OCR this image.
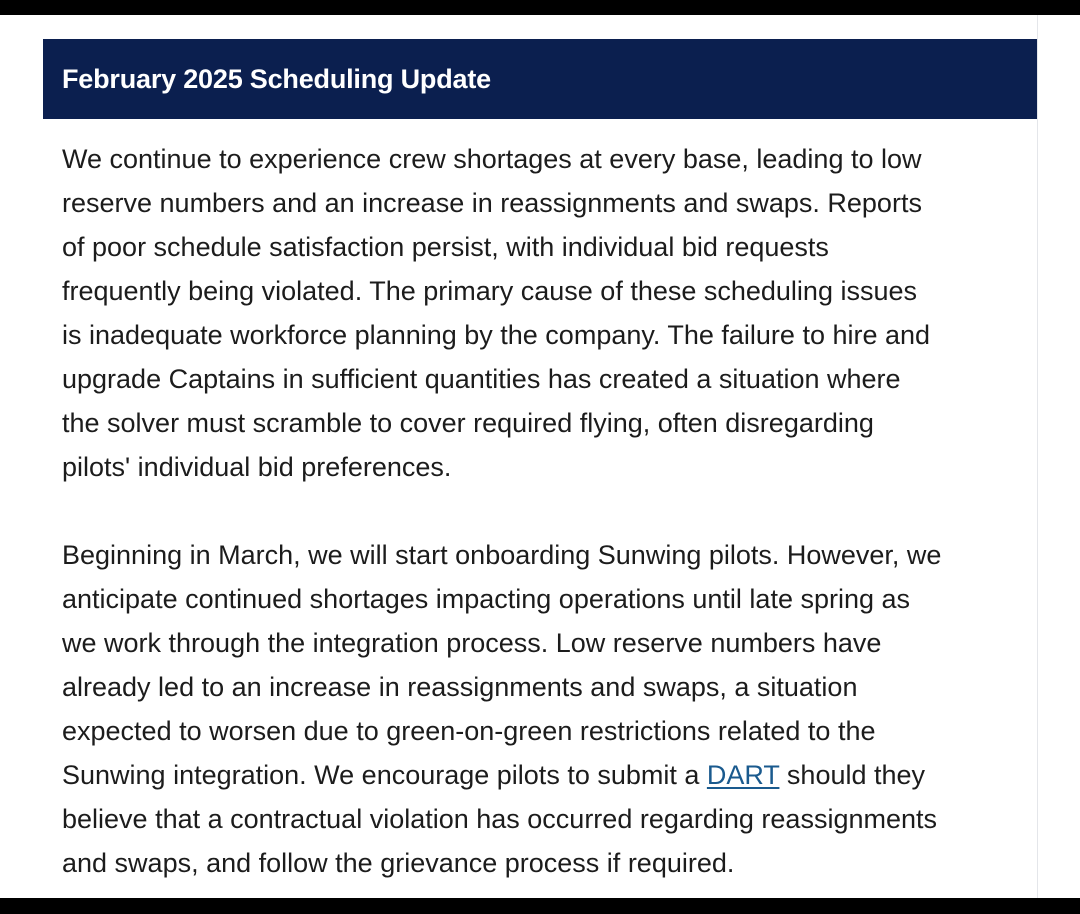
February 2025 Scheduling Update

We continue to experience crew shortages at every base, leading to low
reserve numbers and an increase in reassignments and swaps. Reports
of poor schedule satisfaction persist, with individual bid requests
frequently being violated. The primary cause of these scheduling issues
is inadequate workforce planning by the company. The failure to hire and
upgrade Captains in sufficient quantities has created a situation where
the solver must scramble to cover required flying, often disregarding
pilots' individual bid preferences.

Beginning in March, we will start onboarding Sunwing pilots. However, we
anticipate continued shortages impacting operations until late spring as
we work through the integration process. Low reserve numbers have
already led to an increase in reassignments and swaps, a situation
expected to worsen due to green-on-green restrictions related to the
Sunwing integration. We encourage pilots to submit a DART should they
believe that a contractual violation has occurred regarding reassignments
and swaps, and follow the grievance process if required.
